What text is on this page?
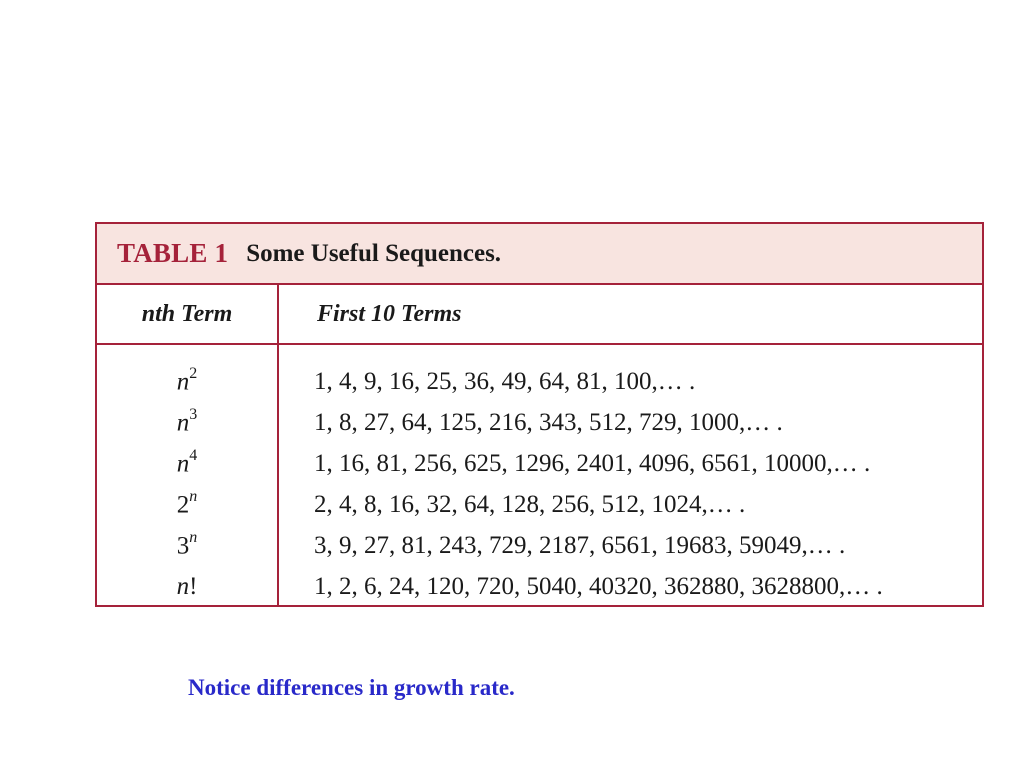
TABLE 1 Some Useful Sequences.
nth Term	First 10 Terms
$n^2$	1, 4, 9, 16, 25, 36, 49, 64, 81, 100,… .
$n^3$	1, 8, 27, 64, 125, 216, 343, 512, 729, 1000,… .
$n^4$	1, 16, 81, 256, 625, 1296, 2401, 4096, 6561, 10000,… .
2$^n$	2, 4, 8, 16, 32, 64, 128, 256, 512, 1024,… .
3$^n$	3, 9, 27, 81, 243, 729, 2187, 6561, 19683, 59049,… .
n!	1, 2, 6, 24, 120, 720, 5040, 40320, 362880, 3628800,… .
Notice differences in growth rate.
